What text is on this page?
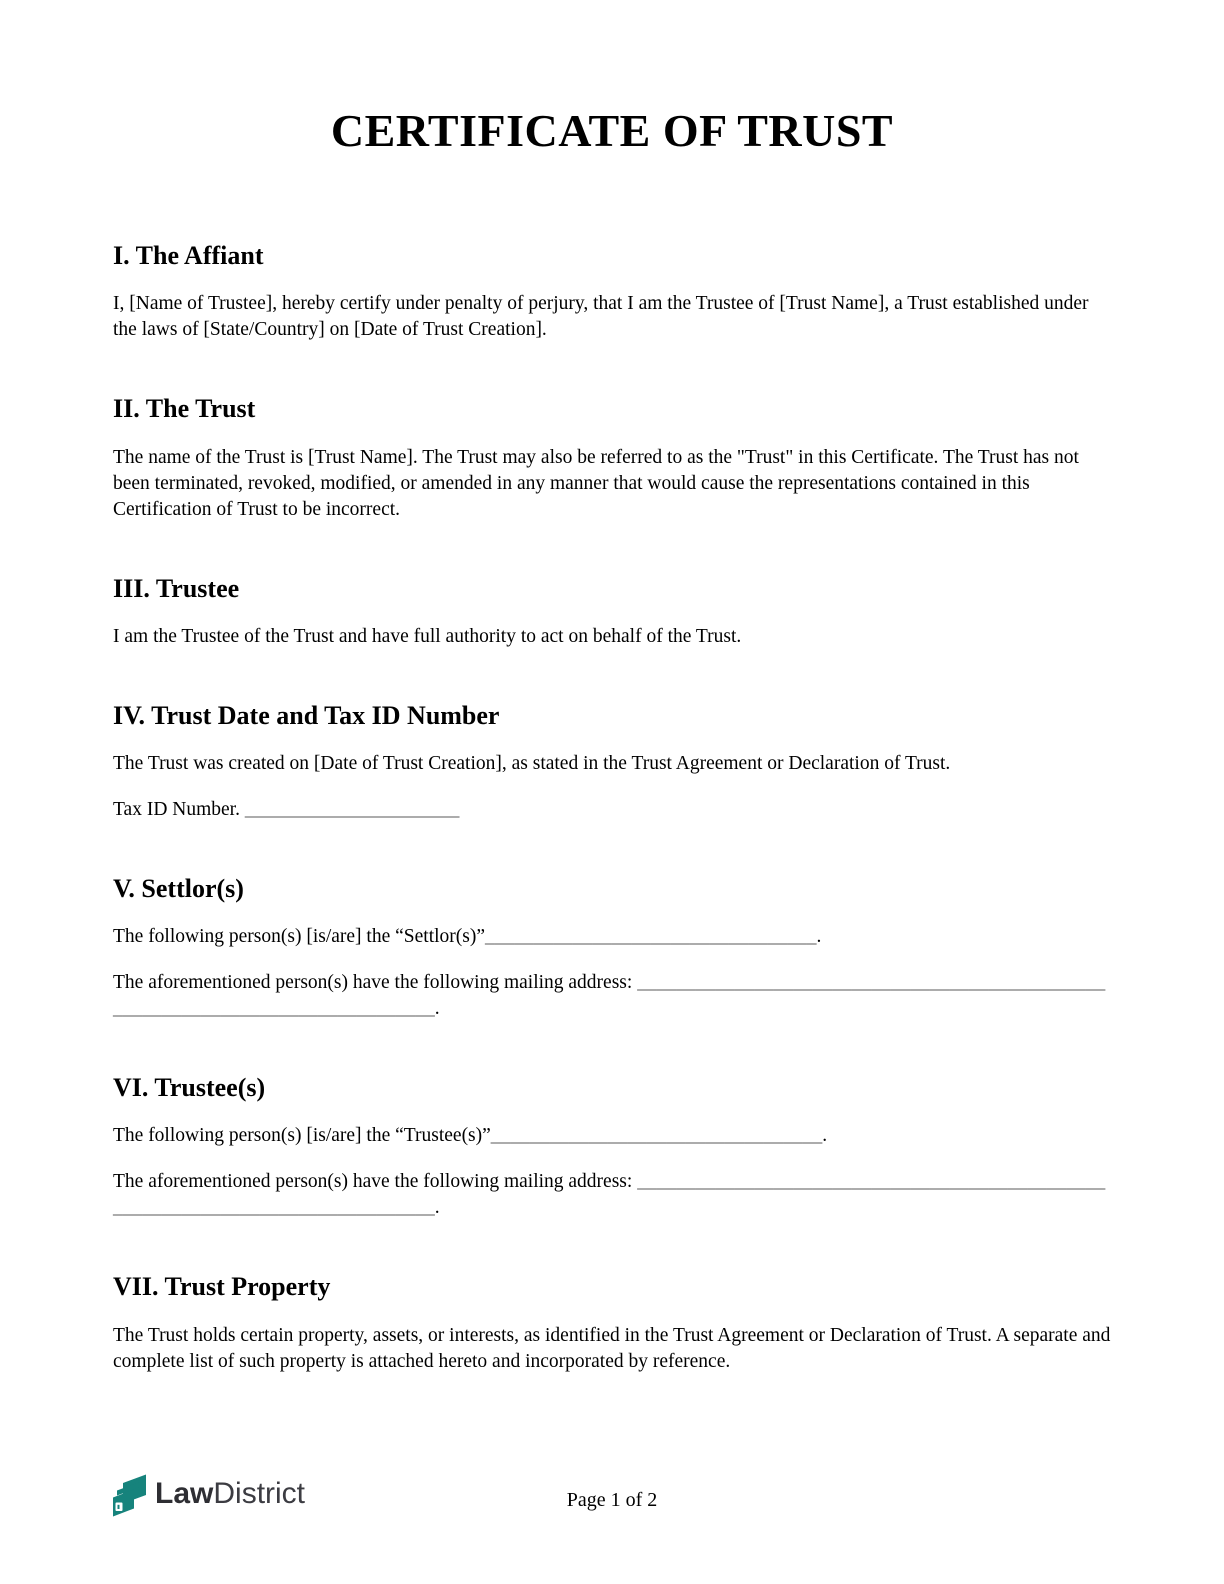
CERTIFICATE OF TRUST
I. The Affiant

I, [Name of Trustee], hereby certify under penalty of perjury, that I am the Trustee of [Trust Name], a Trust established under the laws of [State/Country] on [Date of Trust Creation].

II. The Trust

The name of the Trust is [Trust Name]. The Trust may also be referred to as the "Trust" in this Certificate. The Trust has not been terminated, revoked, modified, or amended in any manner that would cause the representations contained in this Certification of Trust to be incorrect.

III. Trustee

I am the Trustee of the Trust and have full authority to act on behalf of the Trust.

IV. Trust Date and Tax ID Number

The Trust was created on [Date of Trust Creation], as stated in the Trust Agreement or Declaration of Trust.

Tax ID Number. ______________________

V. Settlor(s)

The following person(s) [is/are] the “Settlor(s)”__________________________________.

The aforementioned person(s) have the following mailing address: _________________________________________________________________________________.

VI. Trustee(s)

The following person(s) [is/are] the “Trustee(s)”__________________________________.

The aforementioned person(s) have the following mailing address: _________________________________________________________________________________.

VII. Trust Property

The Trust holds certain property, assets, or interests, as identified in the Trust Agreement or Declaration of Trust. A separate and complete list of such property is attached hereto and incorporated by reference.

LawDistrict	Page 1 of 2
